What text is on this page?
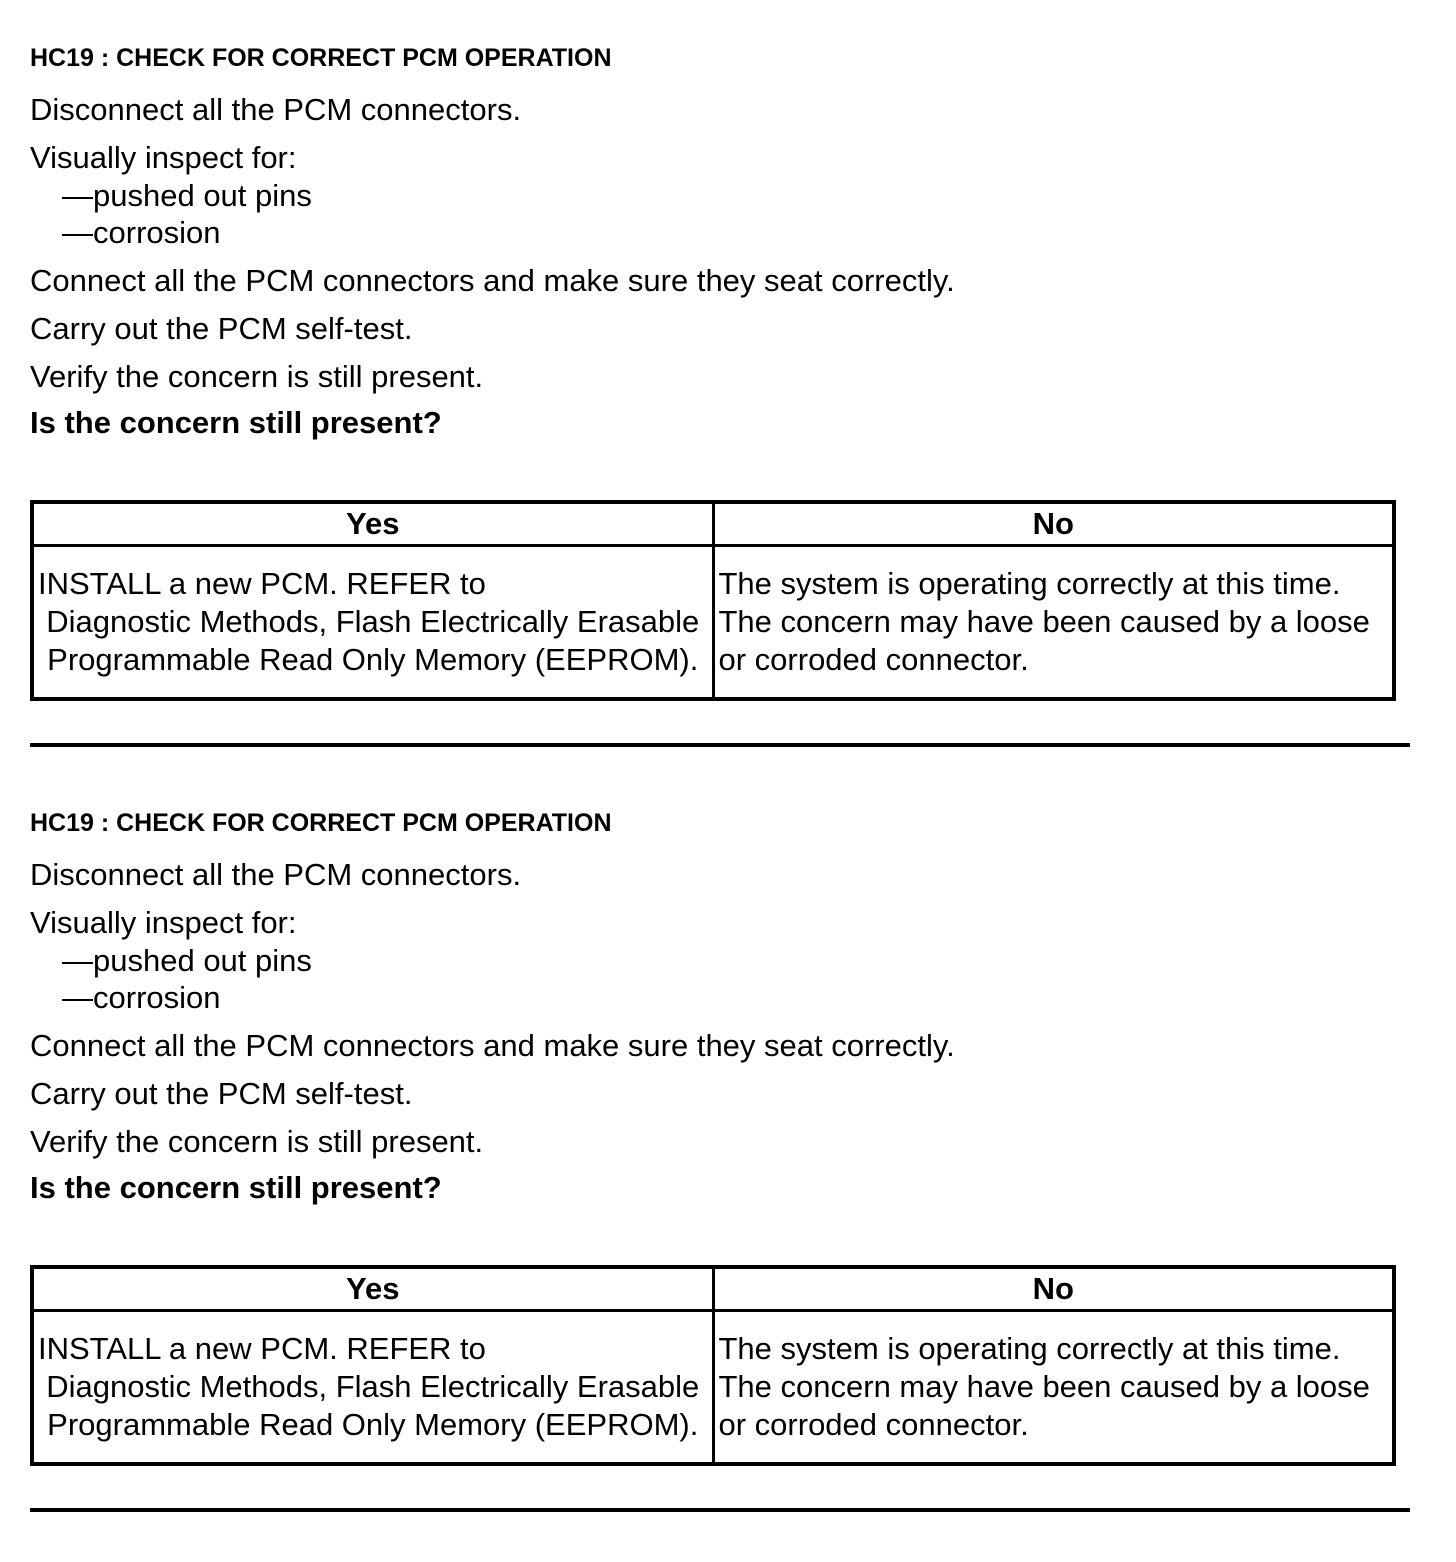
HC19 : CHECK FOR CORRECT PCM OPERATION
Disconnect all the PCM connectors.
Visually inspect for:
—pushed out pins
—corrosion
Connect all the PCM connectors and make sure they seat correctly.
Carry out the PCM self-test.
Verify the concern is still present.
Is the concern still present?
Yes	No

INSTALL a new PCM. REFER to
Diagnostic Methods, Flash Electrically Erasable Programmable Read Only Memory (EEPROM).	The system is operating correctly at this time. The concern may have been caused by a loose or corroded connector.
HC19 : CHECK FOR CORRECT PCM OPERATION
Disconnect all the PCM connectors.
Visually inspect for:
—pushed out pins
—corrosion
Connect all the PCM connectors and make sure they seat correctly.
Carry out the PCM self-test.
Verify the concern is still present.
Is the concern still present?
Yes	No

INSTALL a new PCM. REFER to
Diagnostic Methods, Flash Electrically Erasable Programmable Read Only Memory (EEPROM).	The system is operating correctly at this time. The concern may have been caused by a loose or corroded connector.
